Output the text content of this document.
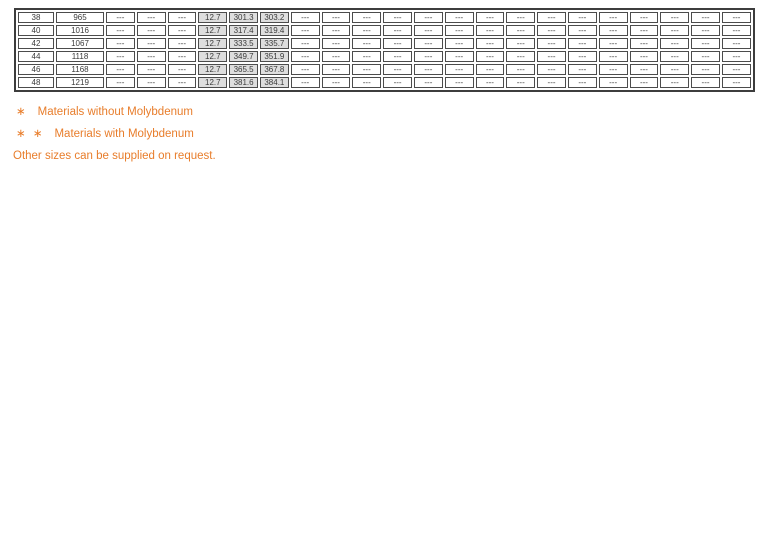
38	965	---	---	---	12.7	301.3	303.2	---	---	---	---	---	---	---	---	---	---	---	---	---	---	---
40	1016	---	---	---	12.7	317.4	319.4	---	---	---	---	---	---	---	---	---	---	---	---	---	---	---
42	1067	---	---	---	12.7	333.5	335.7	---	---	---	---	---	---	---	---	---	---	---	---	---	---	---
44	1118	---	---	---	12.7	349.7	351.9	---	---	---	---	---	---	---	---	---	---	---	---	---	---	---
46	1168	---	---	---	12.7	365.5	367.8	---	---	---	---	---	---	---	---	---	---	---	---	---	---	---
48	1219	---	---	---	12.7	381.6	384.1	---	---	---	---	---	---	---	---	---	---	---	---	---	---	---
∗ Materials without Molybdenum
∗ ∗ Materials with Molybdenum
Other sizes can be supplied on request.
